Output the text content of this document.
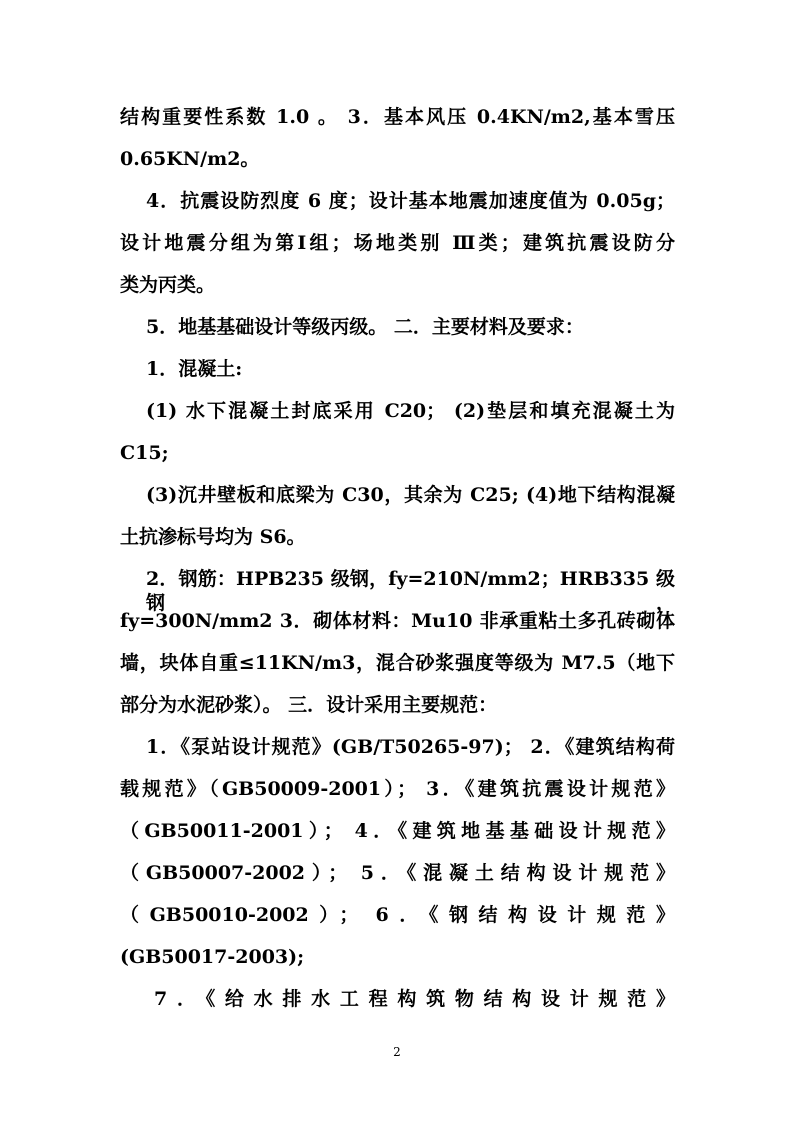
结构重要性系数 1.0 。 3．基本风压 0.4KN/m2,基本雪压
0.65KN/m2。
4．抗震设防烈度 6 度；设计基本地震加速度值为 0.05g；
设计地震分组为第Ⅰ组；场地类别 Ⅲ类；建筑抗震设防分
类为丙类。
5．地基基础设计等级丙级。 二．主要材料及要求：
1．混凝土:
(1) 水下混凝土封底采用 C20； (2)垫层和填充混凝土为
C15;
(3)沉井壁板和底梁为 C30，其余为 C25; (4)地下结构混凝
土抗渗标号均为 S6。
2．钢筋：HPB235 级钢，fy=210N/mm2；HRB335 级钢，
fy=300N/mm2 3．砌体材料：Mu10 非承重粘土多孔砖砌体
墙，块体自重≤11KN/m3，混合砂浆强度等级为 M7.5（地下
部分为水泥砂浆）。 三．设计采用主要规范：
1．《泵站设计规范》(GB/T50265-97)； 2．《建筑结构荷
载规范》（GB50009-2001）； 3．《建筑抗震设计规范》
（GB50011-2001）； 4．《建筑地基基础设计规范》
（GB50007-2002）； 5．《混凝土结构设计规范》
（GB50010-2002）； 6．《钢结构设计规范》
(GB50017-2003);
7．《给水排水工程构筑物结构设计规范》
2
